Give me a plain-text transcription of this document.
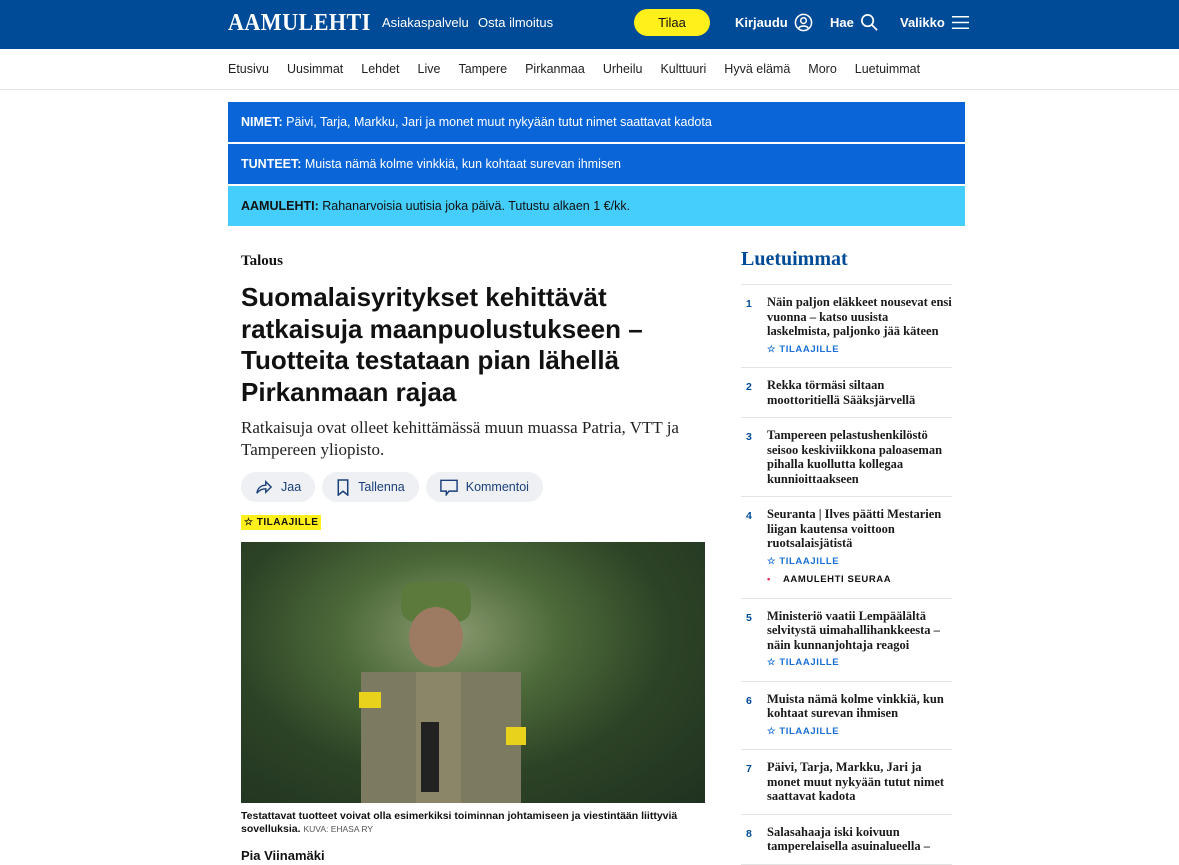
AAMULEHTI Asiakaspalvelu Osta ilmoitus	Tilaa	Kirjaudu	Hae	Valikko
Etusivu Uusimmat Lehdet Live Tampere Pirkanmaa Urheilu Kulttuuri Hyvä elämä Moro Luetuimmat
NIMET: Päivi, Tarja, Markku, Jari ja monet muut nykyään tutut nimet saattavat kadota
TUNTEET: Muista nämä kolme vinkkiä, kun kohtaat surevan ihmisen
AAMULEHTI: Rahanarvoisia uutisia joka päivä. Tutustu alkaen 1 €/kk.
Talous
Suomalaisyritykset kehittävät ratkaisuja maanpuolustukseen – Tuotteita testataan pian lähellä Pirkanmaan rajaa

Ratkaisuja ovat olleet kehittämässä muun muassa Patria, VTT ja Tampereen yliopisto.

Jaa	Tallenna	Kommentoi
☆ TILAAJILLE
Testattavat tuotteet voivat olla esimerkiksi toiminnan johtamiseen ja viestintään liittyviä sovelluksia. KUVA: EHASA RY
Pia Viinamäki
Luetuimmat
1	Näin paljon eläkkeet nousevat ensi vuonna – katso uusista laskelmista, paljonko jää käteen
☆ TILAAJILLE
2	Rekka törmäsi siltaan moottoritiellä Sääksjärvellä
3	Tampereen pelastushenkilöstö seisoo keskiviikkona paloaseman pihalla kuollutta kollegaa kunnioittaakseen
4	Seuranta | Ilves päätti Mestarien liigan kautensa voittoon ruotsalaisjätistä
☆ TILAAJILLE
• AAMULEHTI SEURAA
5	Ministeriö vaatii Lempäälältä selvitystä uimahallihankkeesta – näin kunnanjohtaja reagoi
☆ TILAAJILLE
6	Muista nämä kolme vinkkiä, kun kohtaat surevan ihmisen
☆ TILAAJILLE
7	Päivi, Tarja, Markku, Jari ja monet muut nykyään tutut nimet saattavat kadota
8	Salasahaaja iski koivuun tamperelaisella asuinalueella –
